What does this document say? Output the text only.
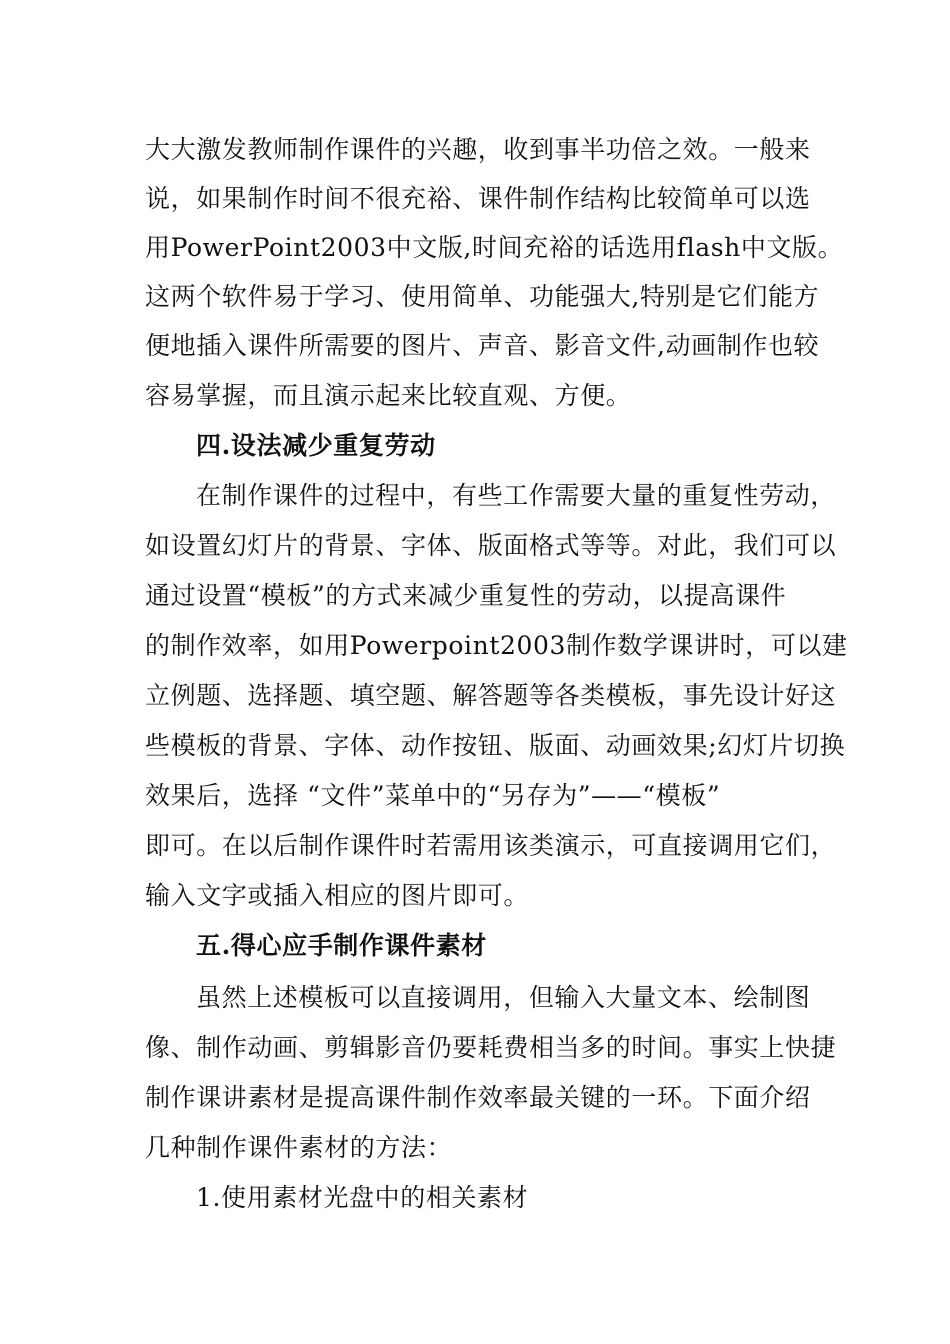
大大激发教师制作课件的兴趣，收到事半功倍之效。一般来
说，如果制作时间不很充裕、课件制作结构比较简单可以选
用PowerPoint2003中文版,时间充裕的话选用flash中文版。
这两个软件易于学习、使用简单、功能强大,特别是它们能方
便地插入课件所需要的图片、声音、影音文件,动画制作也较
容易掌握，而且演示起来比较直观、方便。
四.设法减少重复劳动
在制作课件的过程中，有些工作需要大量的重复性劳动，
如设置幻灯片的背景、字体、版面格式等等。对此，我们可以
通过设置“模板”的方式来减少重复性的劳动，以提高课件
的制作效率，如用Powerpoint2003制作数学课讲时，可以建
立例题、选择题、填空题、解答题等各类模板，事先设计好这
些模板的背景、字体、动作按钮、版面、动画效果;幻灯片切换
效果后，选择 “文件”菜单中的“另存为”——“模板”
即可。在以后制作课件时若需用该类演示，可直接调用它们，
输入文字或插入相应的图片即可。
五.得心应手制作课件素材
虽然上述模板可以直接调用，但输入大量文本、绘制图
像、制作动画、剪辑影音仍要耗费相当多的时间。事实上快捷
制作课讲素材是提高课件制作效率最关键的一环。下面介绍
几种制作课件素材的方法：
1.使用素材光盘中的相关素材
